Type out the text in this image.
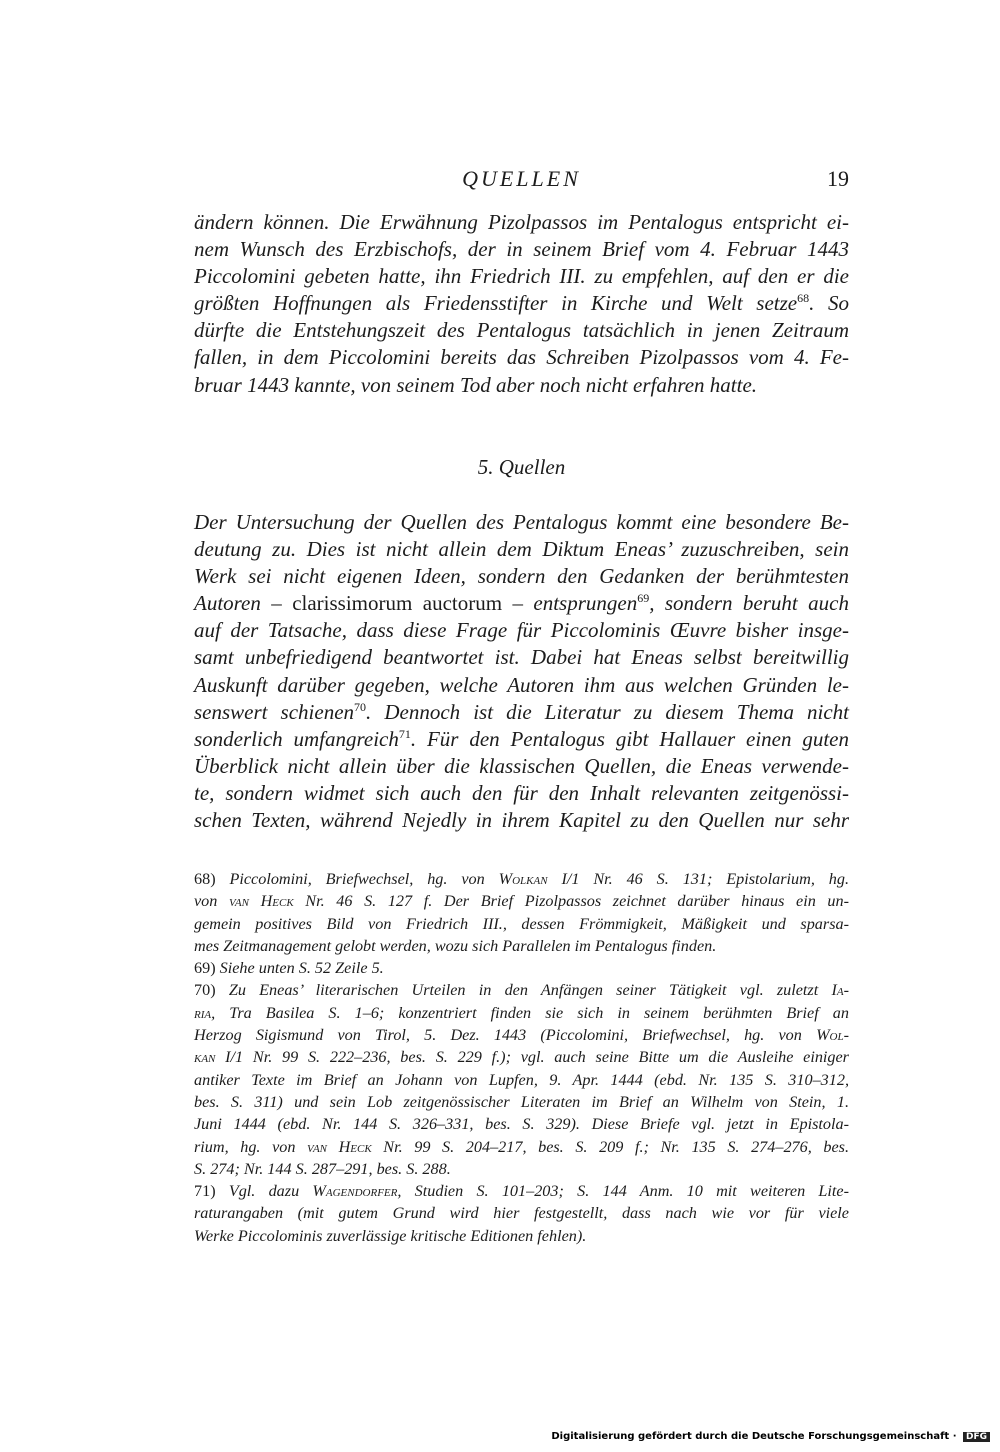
QUELLEN	19
ändern können. Die Erwähnung Pizolpassos im Pentalogus entspricht ei-
nem Wunsch des Erzbischofs, der in seinem Brief vom 4. Februar 1443
Piccolomini gebeten hatte, ihn Friedrich III. zu empfehlen, auf den er die
größten Hoffnungen als Friedensstifter in Kirche und Welt setze$^{68}$. So
dürfte die Entstehungszeit des Pentalogus tatsächlich in jenen Zeitraum
fallen, in dem Piccolomini bereits das Schreiben Pizolpassos vom 4. Fe-
bruar 1443 kannte, von seinem Tod aber noch nicht erfahren hatte.
5. Quellen
Der Untersuchung der Quellen des Pentalogus kommt eine besondere Be-
deutung zu. Dies ist nicht allein dem Diktum Eneas’ zuzuschreiben, sein
Werk sei nicht eigenen Ideen, sondern den Gedanken der berühmtesten
Autoren – clarissimorum auctorum – entsprungen$^{69}$, sondern beruht auch
auf der Tatsache, dass diese Frage für Piccolominis Œuvre bisher insge-
samt unbefriedigend beantwortet ist. Dabei hat Eneas selbst bereitwillig
Auskunft darüber gegeben, welche Autoren ihm aus welchen Gründen le-
senswert schienen$^{70}$. Dennoch ist die Literatur zu diesem Thema nicht
sonderlich umfangreich$^{71}$. Für den Pentalogus gibt Hallauer einen guten
Überblick nicht allein über die klassischen Quellen, die Eneas verwende-
te, sondern widmet sich auch den für den Inhalt relevanten zeitgenössi-
schen Texten, während Nejedly in ihrem Kapitel zu den Quellen nur sehr
68) Piccolomini, Briefwechsel, hg. von Wolkan I/1 Nr. 46 S. 131; Epistolarium, hg.
von van Heck Nr. 46 S. 127 f. Der Brief Pizolpassos zeichnet darüber hinaus ein un-
gemein positives Bild von Friedrich III., dessen Frömmigkeit, Mäßigkeit und sparsa-
mes Zeitmanagement gelobt werden, wozu sich Parallelen im Pentalogus finden.
69) Siehe unten S. 52 Zeile 5.
70) Zu Eneas’ literarischen Urteilen in den Anfängen seiner Tätigkeit vgl. zuletzt Ia-
ria, Tra Basilea S. 1–6; konzentriert finden sie sich in seinem berühmten Brief an
Herzog Sigismund von Tirol, 5. Dez. 1443 (Piccolomini, Briefwechsel, hg. von Wol-
kan I/1 Nr. 99 S. 222–236, bes. S. 229 f.); vgl. auch seine Bitte um die Ausleihe einiger
antiker Texte im Brief an Johann von Lupfen, 9. Apr. 1444 (ebd. Nr. 135 S. 310–312,
bes. S. 311) und sein Lob zeitgenössischer Literaten im Brief an Wilhelm von Stein, 1.
Juni 1444 (ebd. Nr. 144 S. 326–331, bes. S. 329). Diese Briefe vgl. jetzt in Epistola-
rium, hg. von van Heck Nr. 99 S. 204–217, bes. S. 209 f.; Nr. 135 S. 274–276, bes.
S. 274; Nr. 144 S. 287–291, bes. S. 288.
71) Vgl. dazu Wagendorfer, Studien S. 101–203; S. 144 Anm. 10 mit weiteren Lite-
raturangaben (mit gutem Grund wird hier festgestellt, dass nach wie vor für viele
Werke Piccolominis zuverlässige kritische Editionen fehlen).
Digitalisierung gefördert durch die Deutsche Forschungsgemeinschaft · DFG
